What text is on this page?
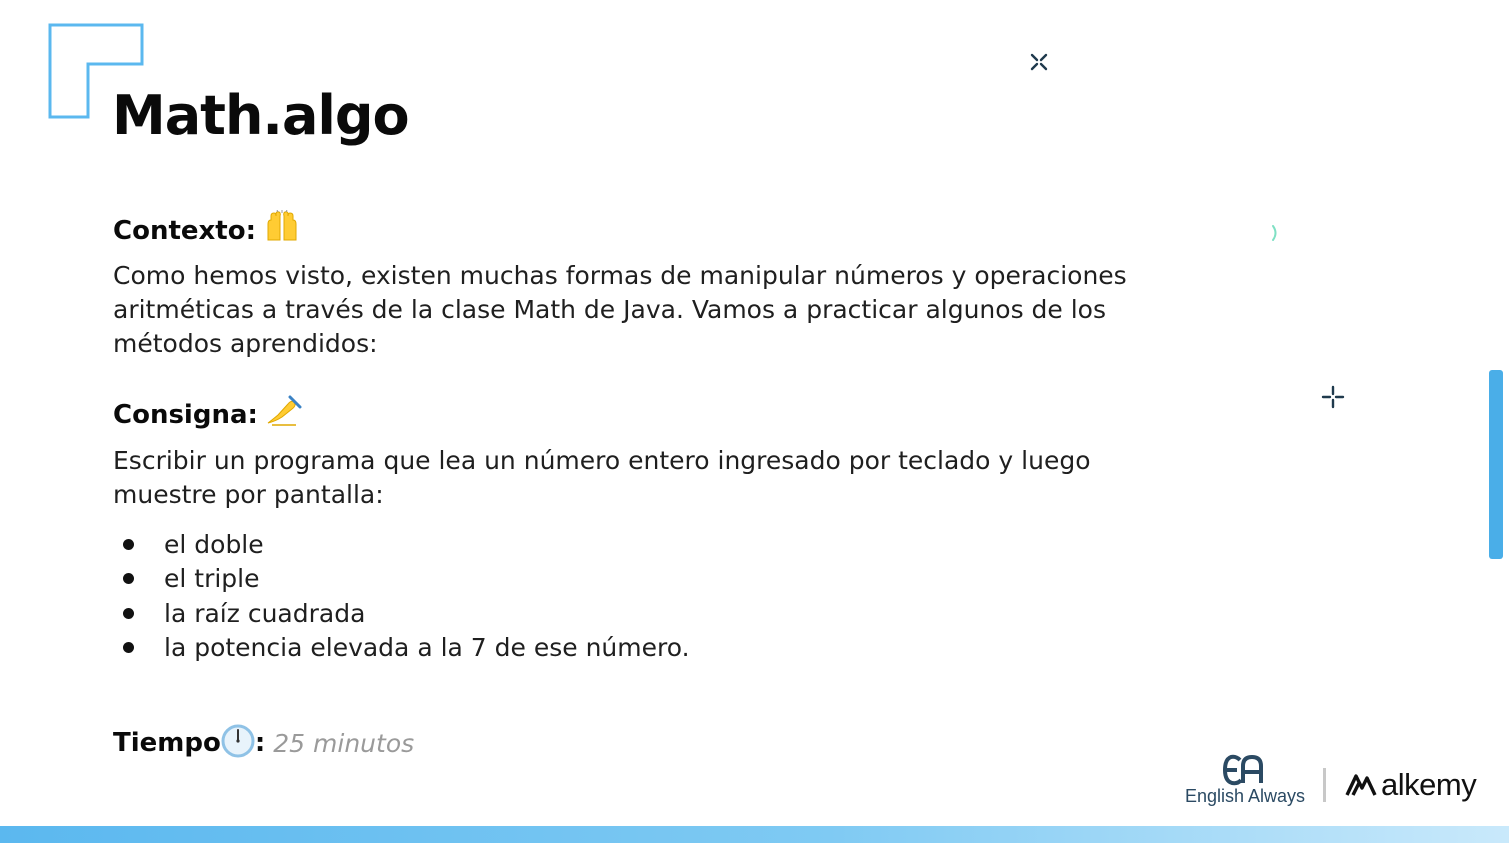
Math.algo
Contexto:

Como hemos visto, existen muchas formas de manipular números y operaciones
aritméticas a través de la clase Math de Java. Vamos a practicar algunos de los
métodos aprendidos:

Consigna:

Escribir un programa que lea un número entero ingresado por teclado y luego
muestre por pantalla:

el doble
el triple
la raíz cuadrada
la potencia elevada a la 7 de ese número.
Tiempo : 25 minutos
English Always alkemy
